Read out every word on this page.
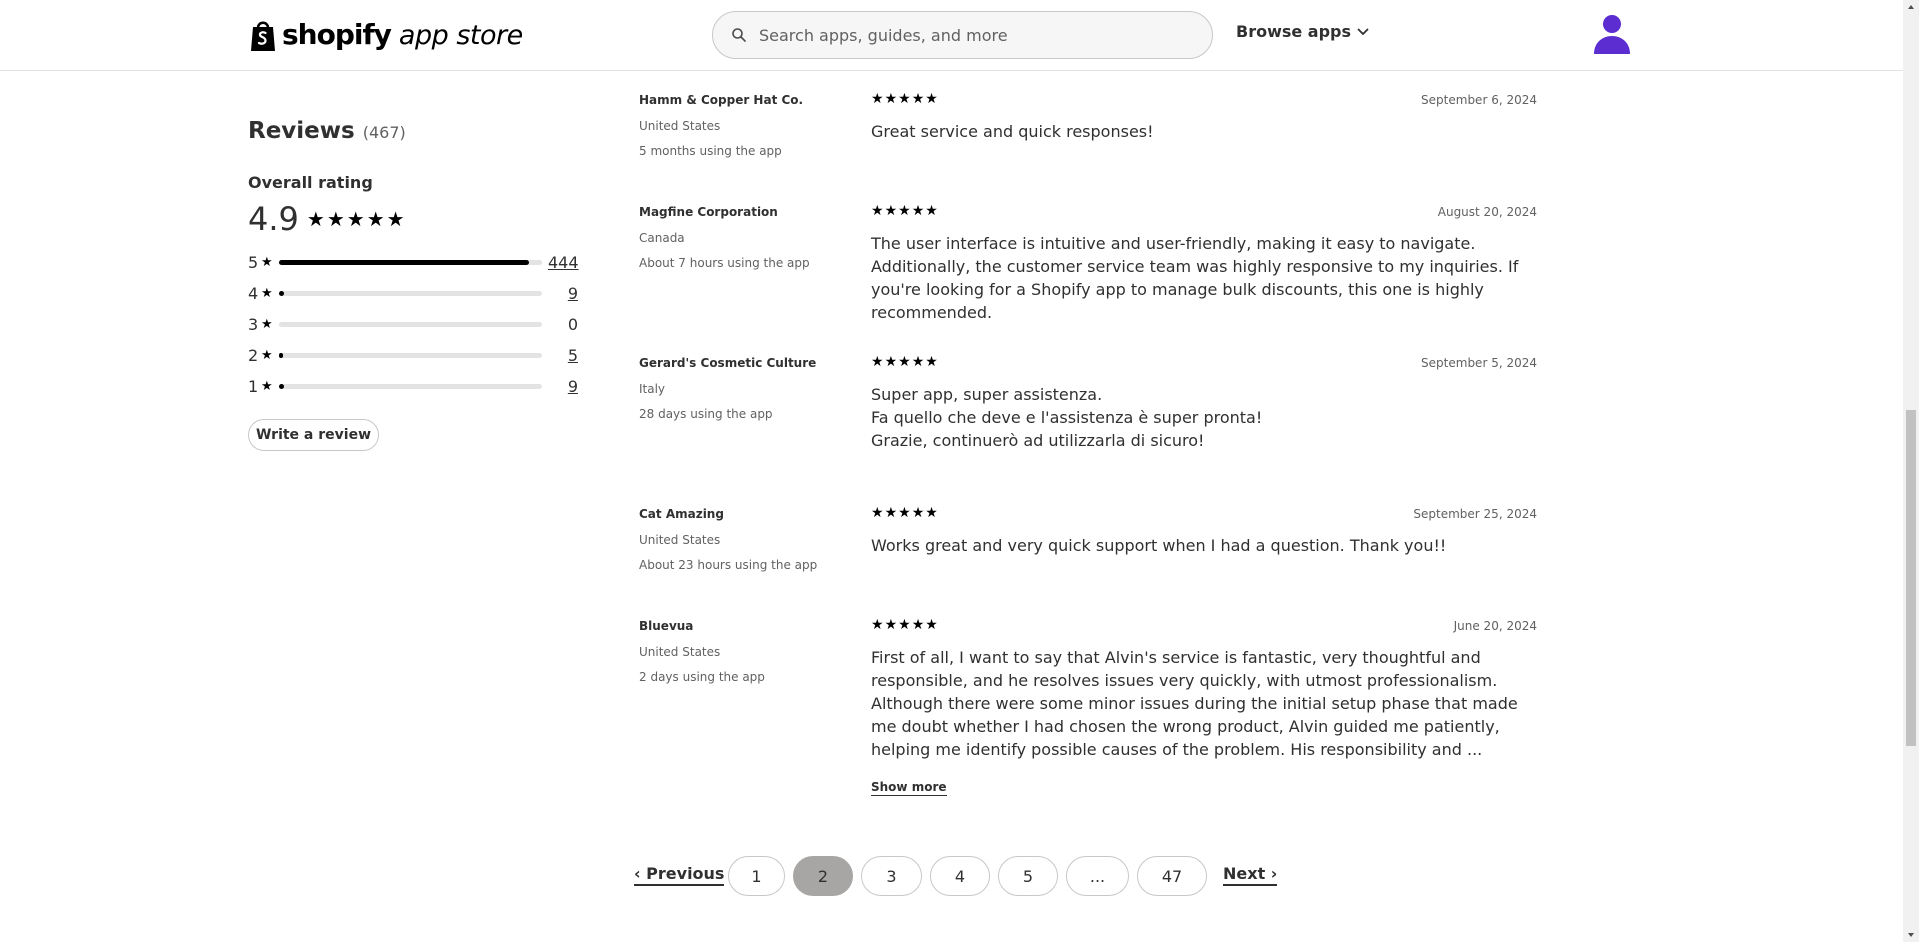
shopify app store
Search apps, guides, and more	Browse apps
Reviews (467)
Overall rating
4.9 ★ ★ ★ ★ ★
5 ★	444
4 ★	9
3 ★	0
2 ★	5
1 ★	9
Write a review
Hamm & Copper Hat Co.
United States
5 months using the app
★ ★ ★ ★ ★	September 6, 2024

Great service and quick responses!

Magfine Corporation
Canada
About 7 hours using the app
★ ★ ★ ★ ★	August 20, 2024

The user interface is intuitive and user-friendly, making it easy to navigate. Additionally, the customer service team was highly responsive to my inquiries. If you're looking for a Shopify app to manage bulk discounts, this one is highly recommended.

Gerard's Cosmetic Culture
Italy
28 days using the app
★ ★ ★ ★ ★	September 5, 2024

Super app, super assistenza.

Fa quello che deve e l'assistenza è super pronta!

Grazie, continuerò ad utilizzarla di sicuro!

Cat Amazing
United States
About 23 hours using the app
★ ★ ★ ★ ★	September 25, 2024

Works great and very quick support when I had a question. Thank you!!

Bluevua
United States
2 days using the app
★ ★ ★ ★ ★	June 20, 2024

First of all, I want to say that Alvin's service is fantastic, very thoughtful and responsible, and he resolves issues very quickly, with utmost professionalism. Although there were some minor issues during the initial setup phase that made me doubt whether I had chosen the wrong product, Alvin guided me patiently, helping me identify possible causes of the problem. His responsibility and ...

Show more
‹ Previous	1	2	3	4	5	...	47	Next ›
